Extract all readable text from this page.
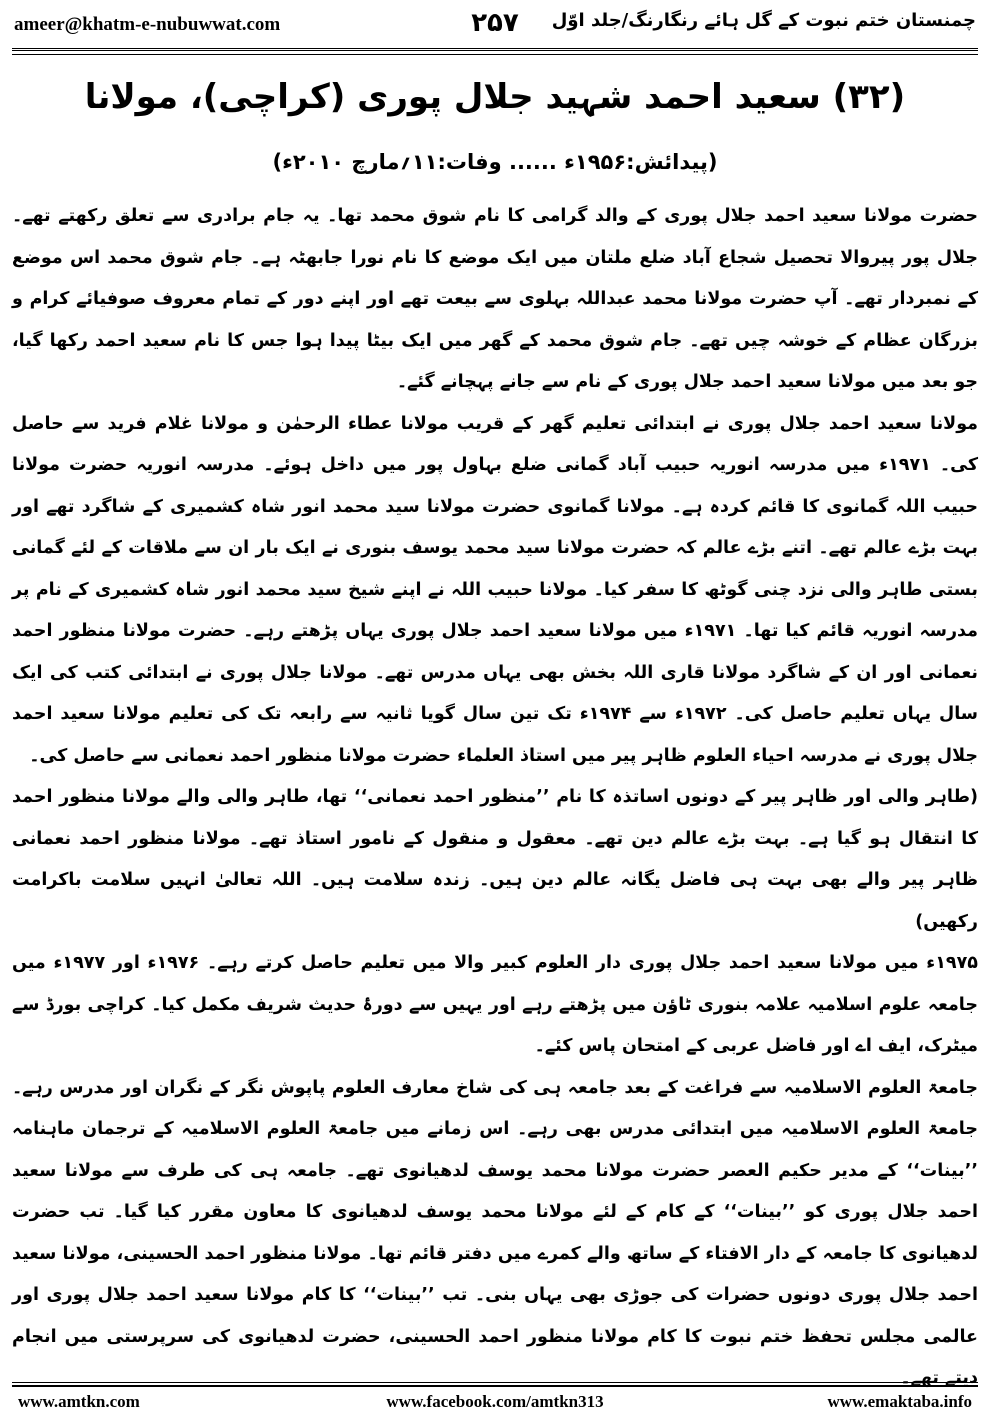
ameer@khatm-e-nubuwwat.com	۲۵۷	چمنستان ختم نبوت کے گل ہائے رنگارنگ/جلد اوّل
(۳۲) سعید احمد شہید جلال پوری (کراچی)، مولانا
(پیدائش:۱۹۵۶ء ...... وفات:۱۱؍مارچ ۲۰۱۰ء)

حضرت مولانا سعید احمد جلال پوری کے والد گرامی کا نام شوق محمد تھا۔ یہ جام برادری سے تعلق رکھتے تھے۔ جلال پور پیروالا تحصیل شجاع آباد ضلع ملتان میں ایک موضع کا نام نورا جابھٹہ ہے۔ جام شوق محمد اس موضع کے نمبردار تھے۔ آپ حضرت مولانا محمد عبداللہ بہلوی سے بیعت تھے اور اپنے دور کے تمام معروف صوفیائے کرام و بزرگان عظام کے خوشہ چیں تھے۔ جام شوق محمد کے گھر میں ایک بیٹا پیدا ہوا جس کا نام سعید احمد رکھا گیا، جو بعد میں مولانا سعید احمد جلال پوری کے نام سے جانے پہچانے گئے۔

مولانا سعید احمد جلال پوری نے ابتدائی تعلیم گھر کے قریب مولانا عطاء الرحمٰن و مولانا غلام فرید سے حاصل کی۔ ۱۹۷۱ء میں مدرسہ انوریہ حبیب آباد گمانی ضلع بہاول پور میں داخل ہوئے۔ مدرسہ انوریہ حضرت مولانا حبیب اللہ گمانوی کا قائم کردہ ہے۔ مولانا گمانوی حضرت مولانا سید محمد انور شاہ کشمیری کے شاگرد تھے اور بہت بڑے عالم تھے۔ اتنے بڑے عالم کہ حضرت مولانا سید محمد یوسف بنوری نے ایک بار ان سے ملاقات کے لئے گمانی بستی طاہر والی نزد چنی گوٹھ کا سفر کیا۔ مولانا حبیب اللہ نے اپنے شیخ سید محمد انور شاہ کشمیری کے نام پر مدرسہ انوریہ قائم کیا تھا۔ ۱۹۷۱ء میں مولانا سعید احمد جلال پوری یہاں پڑھتے رہے۔ حضرت مولانا منظور احمد نعمانی اور ان کے شاگرد مولانا قاری اللہ بخش بھی یہاں مدرس تھے۔ مولانا جلال پوری نے ابتدائی کتب کی ایک سال یہاں تعلیم حاصل کی۔ ۱۹۷۲ء سے ۱۹۷۴ء تک تین سال گویا ثانیہ سے رابعہ تک کی تعلیم مولانا سعید احمد جلال پوری نے مدرسہ احیاء العلوم ظاہر پیر میں استاذ العلماء حضرت مولانا منظور احمد نعمانی سے حاصل کی۔

(طاہر والی اور ظاہر پیر کے دونوں اساتذہ کا نام ’’منظور احمد نعمانی‘‘ تھا، طاہر والی والے مولانا منظور احمد کا انتقال ہو گیا ہے۔ بہت بڑے عالم دین تھے۔ معقول و منقول کے نامور استاذ تھے۔ مولانا منظور احمد نعمانی ظاہر پیر والے بھی بہت ہی فاضل یگانہ عالم دین ہیں۔ زندہ سلامت ہیں۔ اللہ تعالیٰ انہیں سلامت باکرامت رکھیں)

۱۹۷۵ء میں مولانا سعید احمد جلال پوری دار العلوم کبیر والا میں تعلیم حاصل کرتے رہے۔ ۱۹۷۶ء اور ۱۹۷۷ء میں جامعہ علوم اسلامیہ علامہ بنوری ٹاؤن میں پڑھتے رہے اور یہیں سے دورۂ حدیث شریف مکمل کیا۔ کراچی بورڈ سے میٹرک، ایف اے اور فاضل عربی کے امتحان پاس کئے۔

جامعۃ العلوم الاسلامیہ سے فراغت کے بعد جامعہ ہی کی شاخ معارف العلوم پاپوش نگر کے نگران اور مدرس رہے۔ جامعۃ العلوم الاسلامیہ میں ابتدائی مدرس بھی رہے۔ اس زمانے میں جامعۃ العلوم الاسلامیہ کے ترجمان ماہنامہ ’’بینات‘‘ کے مدیر حکیم العصر حضرت مولانا محمد یوسف لدھیانوی تھے۔ جامعہ ہی کی طرف سے مولانا سعید احمد جلال پوری کو ’’بینات‘‘ کے کام کے لئے مولانا محمد یوسف لدھیانوی کا معاون مقرر کیا گیا۔ تب حضرت لدھیانوی کا جامعہ کے دار الافتاء کے ساتھ والے کمرے میں دفتر قائم تھا۔ مولانا منظور احمد الحسینی، مولانا سعید احمد جلال پوری دونوں حضرات کی جوڑی بھی یہاں بنی۔ تب ’’بینات‘‘ کا کام مولانا سعید احمد جلال پوری اور عالمی مجلس تحفظ ختم نبوت کا کام مولانا منظور احمد الحسینی، حضرت لدھیانوی کی سرپرستی میں انجام دیتے تھے۔

www.amtkn.com	www.facebook.com/amtkn313	www.emaktaba.info
